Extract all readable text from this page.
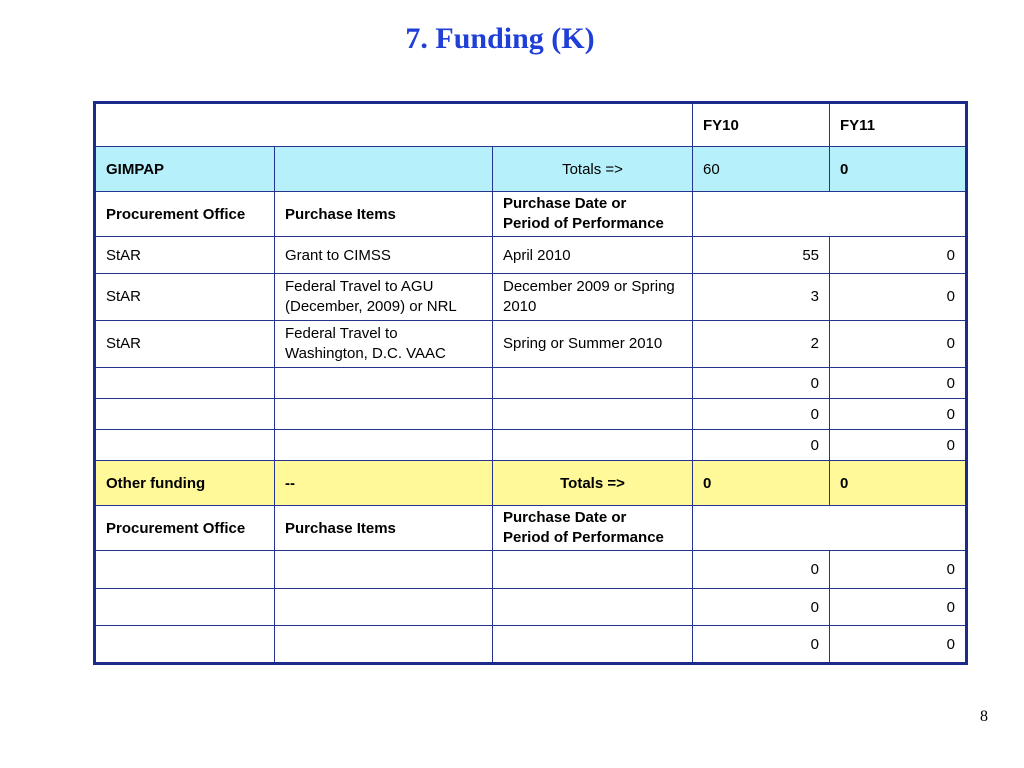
7. Funding (K)
			FY10	FY11
GIMPAP		Totals =>	60	0
Procurement Office	Purchase Items	Purchase Date or
Period of Performance		

StAR	Grant to CIMSS	April 2010	55	0
StAR	Federal Travel to AGU (December, 2009) or NRL	December 2009 or Spring 2010	3	0
StAR	Federal Travel to Washington, D.C. VAAC	Spring or Summer 2010	2	0
			0	0
			0	0
			0	0
Other funding	--	Totals =>	0	0
Procurement Office	Purchase Items	Purchase Date or
Period of Performance		

			0	0
			0	0
			0	0
8
